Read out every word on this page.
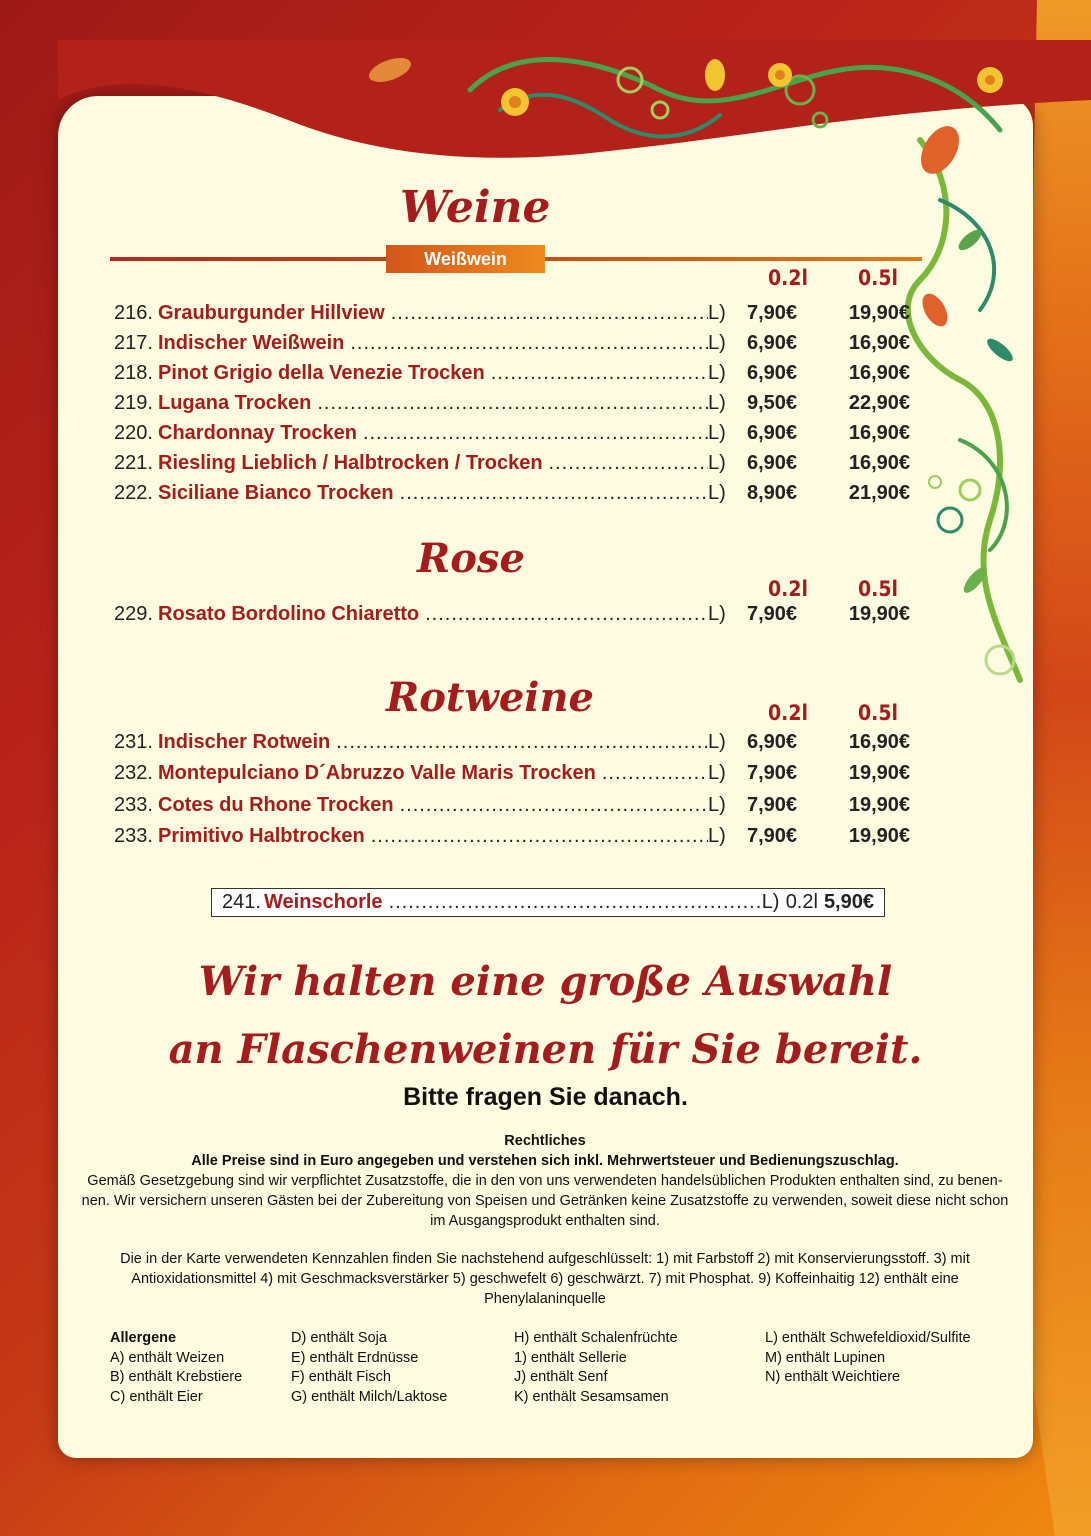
Weine
Weißwein
0.2l 0.5l
216. Grauburgunder Hillview .....	L)	7,90€	19,90€
217. Indischer Weißwein .....	L)	6,90€	16,90€
218. Pinot Grigio della Venezie Trocken .....	L)	6,90€	16,90€
219. Lugana Trocken .....	L)	9,50€	22,90€
220. Chardonnay Trocken .....	L)	6,90€	16,90€
221. Riesling Lieblich / Halbtrocken / Trocken .....	L)	6,90€	16,90€
222. Siciliane Bianco Trocken .....	L)	8,90€	21,90€
Rose
0.2l 0.5l
229. Rosato Bordolino Chiaretto .....	L)	7,90€	19,90€
Rotweine	0.2l 0.5l
231. Indischer Rotwein .....	L)	6,90€	16,90€
232. Montepulciano D´Abruzzo Valle Maris Trocken .....	L)	7,90€	19,90€
233. Cotes du Rhone Trocken .....	L)	7,90€	19,90€
233. Primitivo Halbtrocken .....	L)	7,90€	19,90€
241. Weinschorle .....	L) 0.2l 5,90€
Wir halten eine große Auswahl
an Flaschenweinen für Sie bereit.
Bitte fragen Sie danach.
Rechtliches
Alle Preise sind in Euro angegeben und verstehen sich inkl. Mehrwertsteuer und Bedienungszuschlag.
Gemäß Gesetzgebung sind wir verpflichtet Zusatzstoffe, die in den von uns verwendeten handelsüblichen Produkten enthalten sind, zu benen-nen. Wir versichern unseren Gästen bei der Zubereitung von Speisen und Getränken keine Zusatzstoffe zu verwenden, soweit diese nicht schon im Ausgangsprodukt enthalten sind.
Die in der Karte verwendeten Kennzahlen finden Sie nachstehend aufgeschlüsselt: 1) mit Farbstoff 2) mit Konservierungsstoff. 3) mit Antioxidationsmittel 4) mit Geschmacksverstärker 5) geschwefelt 6) geschwärzt. 7) mit Phosphat. 9) Koffeinhaitig 12) enthält eine Phenylalaninquelle
Allergene
A) enthält Weizen
B) enthält Krebstiere
C) enthält Eier
D) enthält Soja
E) enthält Erdnüsse
F) enthält Fisch
G) enthält Milch/Laktose
H) enthält Schalenfrüchte
1) enthält Sellerie
J) enthält Senf
K) enthält Sesamsamen
L) enthält Schwefeldioxid/Sulfite
M) enthält Lupinen
N) enthält Weichtiere
